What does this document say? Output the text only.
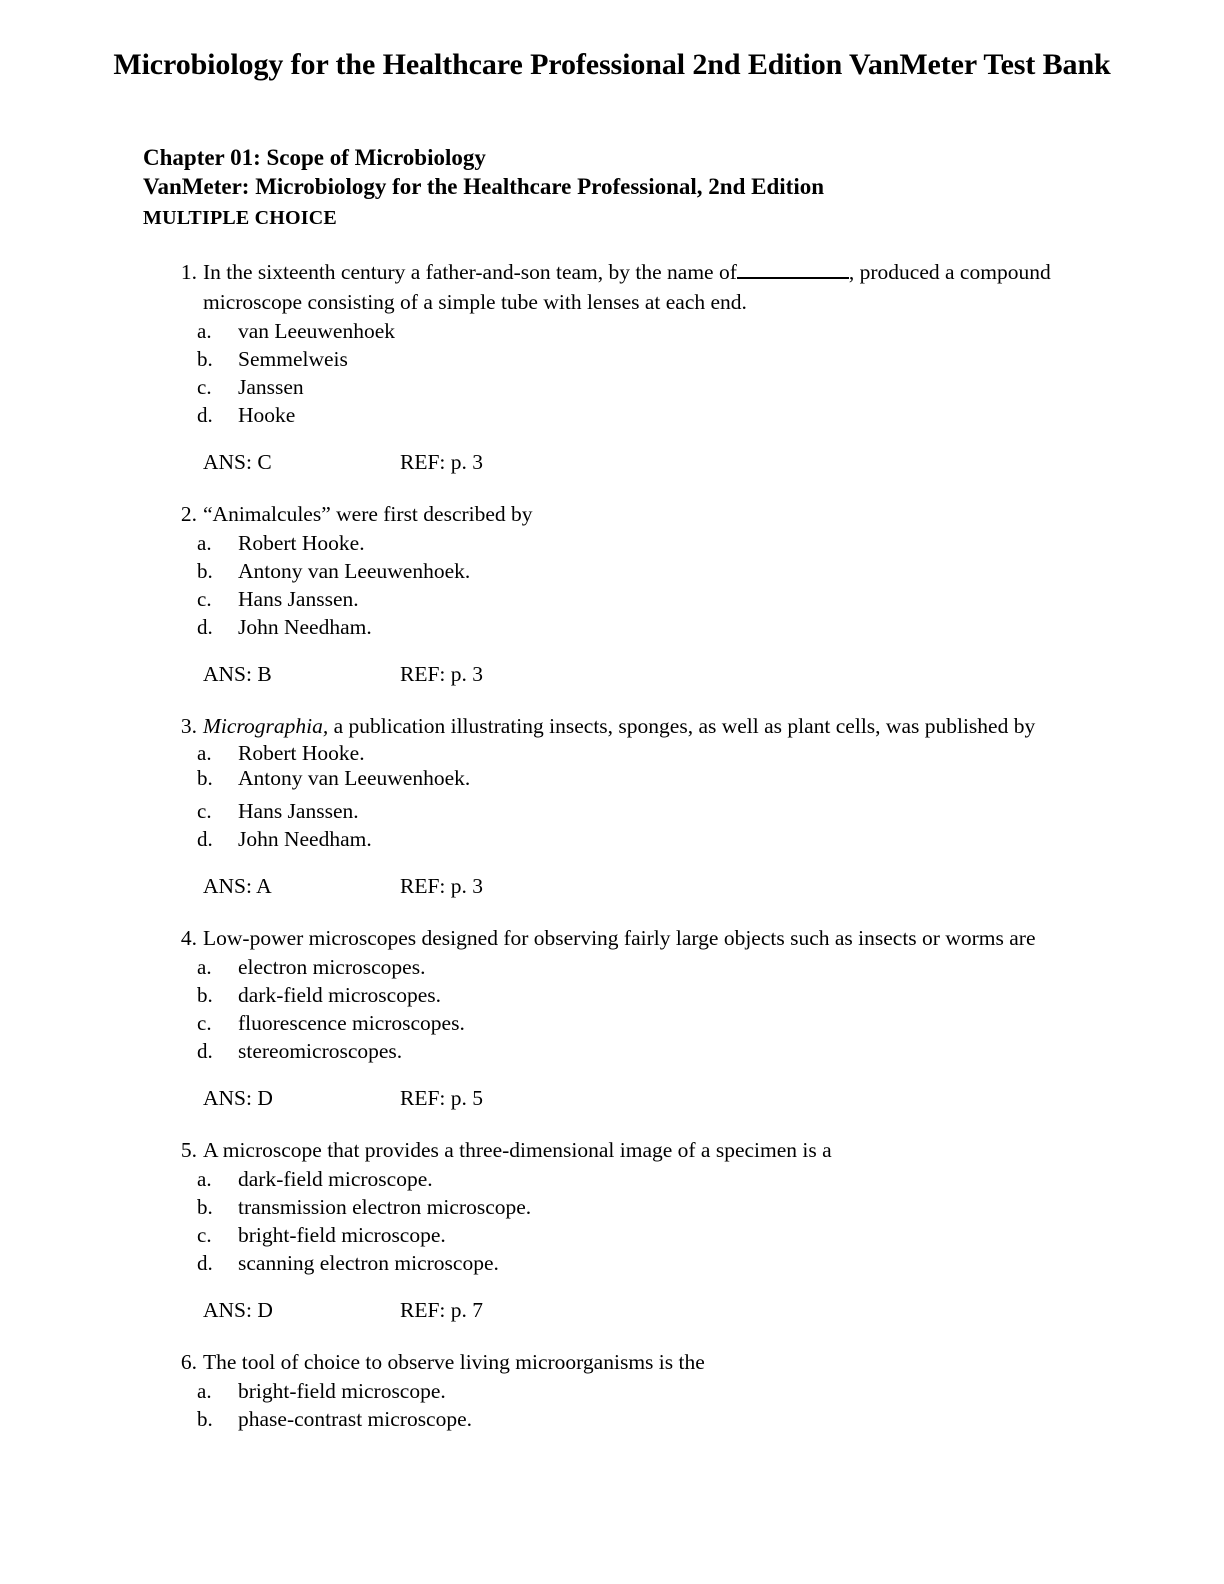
Microbiology for the Healthcare Professional 2nd Edition VanMeter Test Bank
Chapter 01: Scope of Microbiology
VanMeter: Microbiology for the Healthcare Professional, 2nd Edition
MULTIPLE CHOICE
1. In the sixteenth century a father-and-son team, by the name of	, produced a compound microscope consisting of a simple tube with lenses at each end.
a.	van Leeuwenhoek
b.	Semmelweis
c.	Janssen
d.	Hooke
ANS: C	REF: p. 3
2. “Animalcules” were first described by
a.	Robert Hooke.
b.	Antony van Leeuwenhoek.
c.	Hans Janssen.
d.	John Needham.
ANS: B	REF: p. 3
3. Micrographia, a publication illustrating insects, sponges, as well as plant cells, was published by
a.	Robert Hooke.
b.	Antony van Leeuwenhoek.
c.	Hans Janssen.
d.	John Needham.
ANS: A	REF: p. 3
4. Low-power microscopes designed for observing fairly large objects such as insects or worms are
a.	electron microscopes.
b.	dark-field microscopes.
c.	fluorescence microscopes.
d.	stereomicroscopes.
ANS: D	REF: p. 5
5. A microscope that provides a three-dimensional image of a specimen is a
a.	dark-field microscope.
b.	transmission electron microscope.
c.	bright-field microscope.
d.	scanning electron microscope.
ANS: D	REF: p. 7
6. The tool of choice to observe living microorganisms is the
a.	bright-field microscope.
b.	phase-contrast microscope.
